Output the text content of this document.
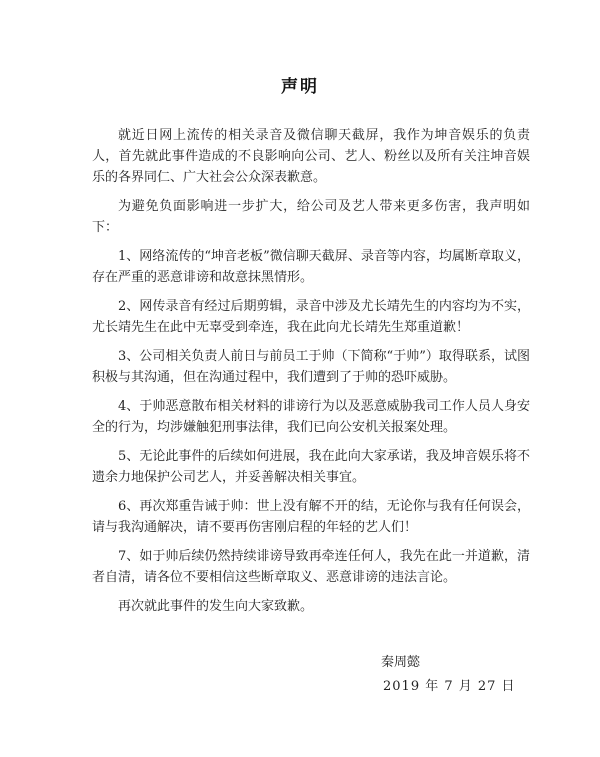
声明

就近日网上流传的相关录音及微信聊天截屏，我作为坤音娱乐的负责人，首先就此事件造成的不良影响向公司、艺人、粉丝以及所有关注坤音娱乐的各界同仁、广大社会公众深表歉意。

为避免负面影响进一步扩大，给公司及艺人带来更多伤害，我声明如下：

1、网络流传的“坤音老板”微信聊天截屏、录音等内容，均属断章取义，存在严重的恶意诽谤和故意抹黑情形。

2、网传录音有经过后期剪辑，录音中涉及尤长靖先生的内容均为不实，尤长靖先生在此中无辜受到牵连，我在此向尤长靖先生郑重道歉！

3、公司相关负责人前日与前员工于帅（下简称“于帅”）取得联系，试图积极与其沟通，但在沟通过程中，我们遭到了于帅的恐吓威胁。

4、于帅恶意散布相关材料的诽谤行为以及恶意威胁我司工作人员人身安全的行为，均涉嫌触犯刑事法律，我们已向公安机关报案处理。

5、无论此事件的后续如何进展，我在此向大家承诺，我及坤音娱乐将不遗余力地保护公司艺人，并妥善解决相关事宜。

6、再次郑重告诫于帅：世上没有解不开的结，无论你与我有任何误会，请与我沟通解决，请不要再伤害刚启程的年轻的艺人们！

7、如于帅后续仍然持续诽谤导致再牵连任何人，我先在此一并道歉，清者自清，请各位不要相信这些断章取义、恶意诽谤的违法言论。

再次就此事件的发生向大家致歉。

秦周懿
2019 年 7 月 27 日
